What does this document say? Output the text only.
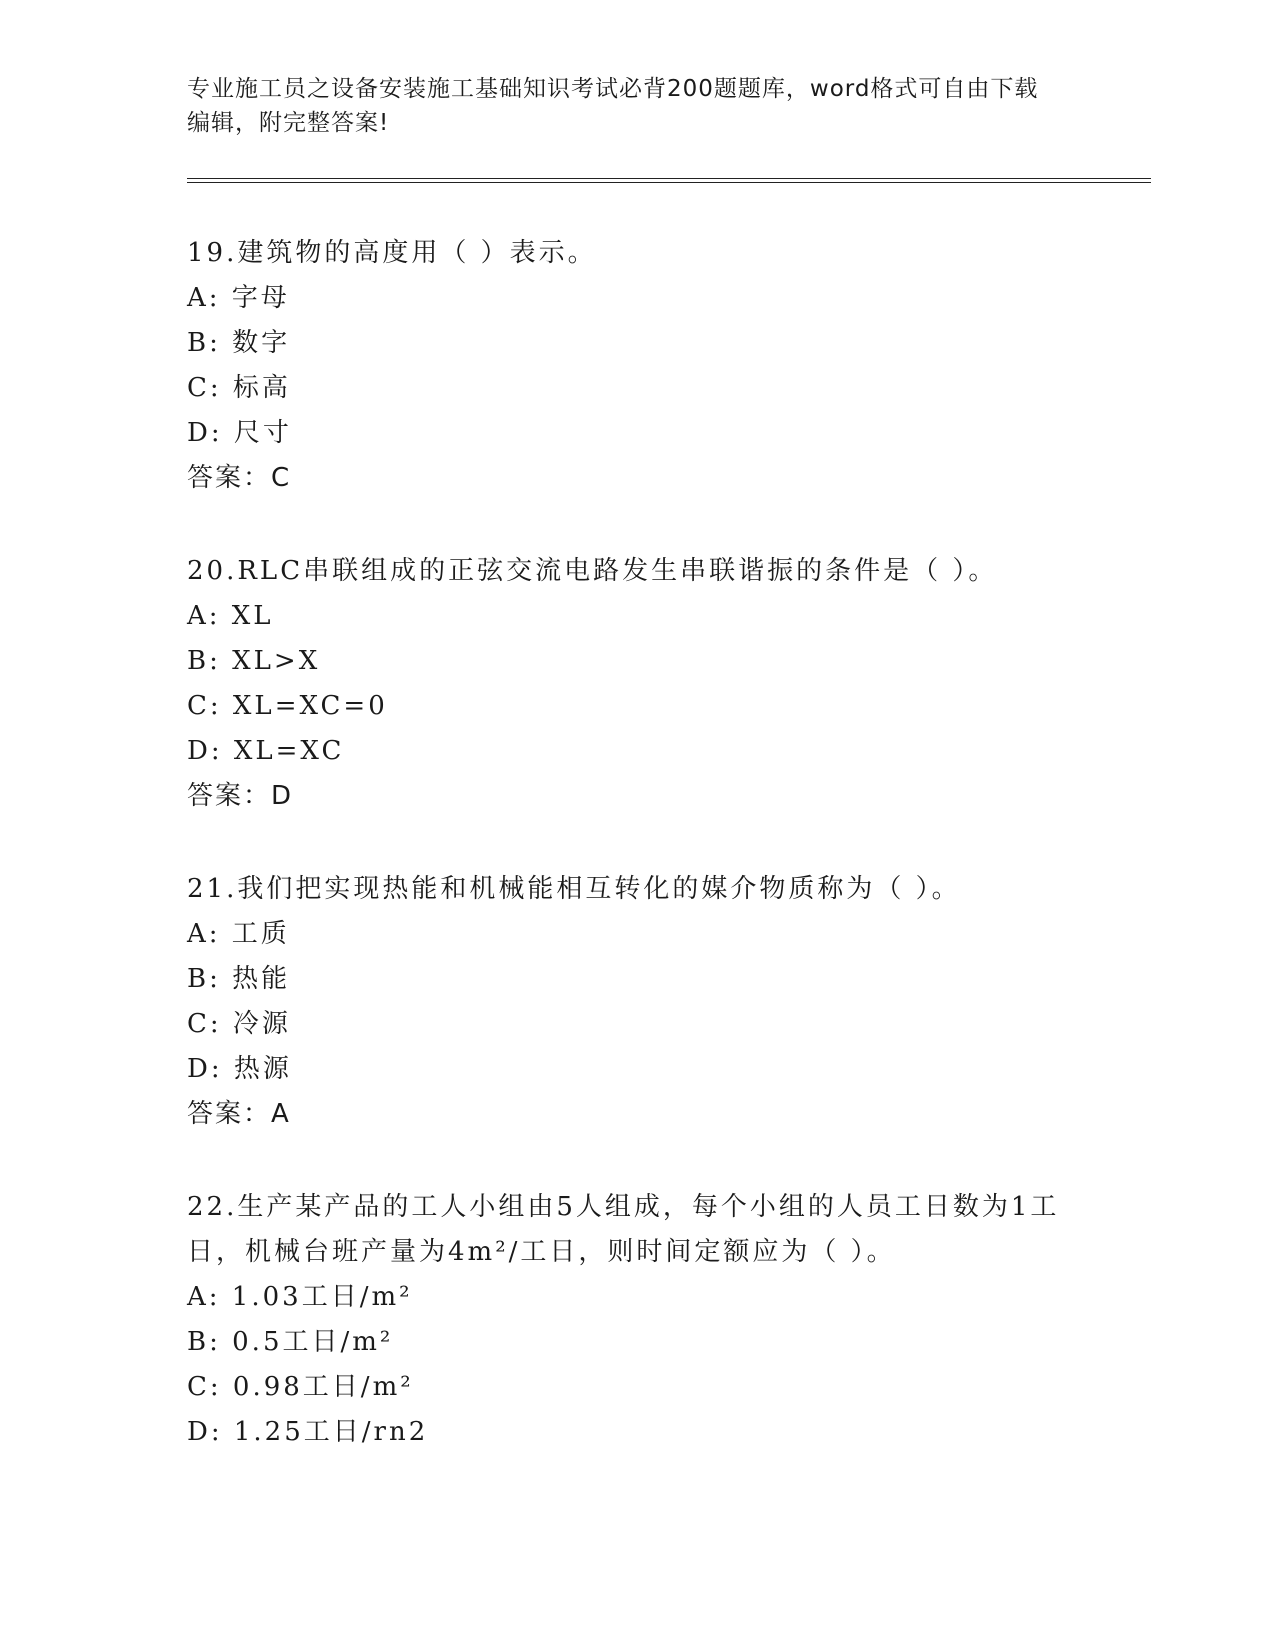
专业施工员之设备安装施工基础知识考试必背200题题库，word格式可自由下载
编辑，附完整答案!
19.建筑物的高度用（ ）表示。
A: 字母
B: 数字
C: 标高
D: 尺寸
答案：C
20.RLC串联组成的正弦交流电路发生串联谐振的条件是（ ）。
A: XL
B: XL>X
C: XL=XC=0
D: XL=XC
答案：D
21.我们把实现热能和机械能相互转化的媒介物质称为（ ）。
A: 工质
B: 热能
C: 冷源
D: 热源
答案：A
22.生产某产品的工人小组由5人组成，每个小组的人员工日数为1工
日，机械台班产量为4m²/工日，则时间定额应为（ ）。
A: 1.03工日/m²
B: 0.5工日/m²
C: 0.98工日/m²
D: 1.25工日/rn2
